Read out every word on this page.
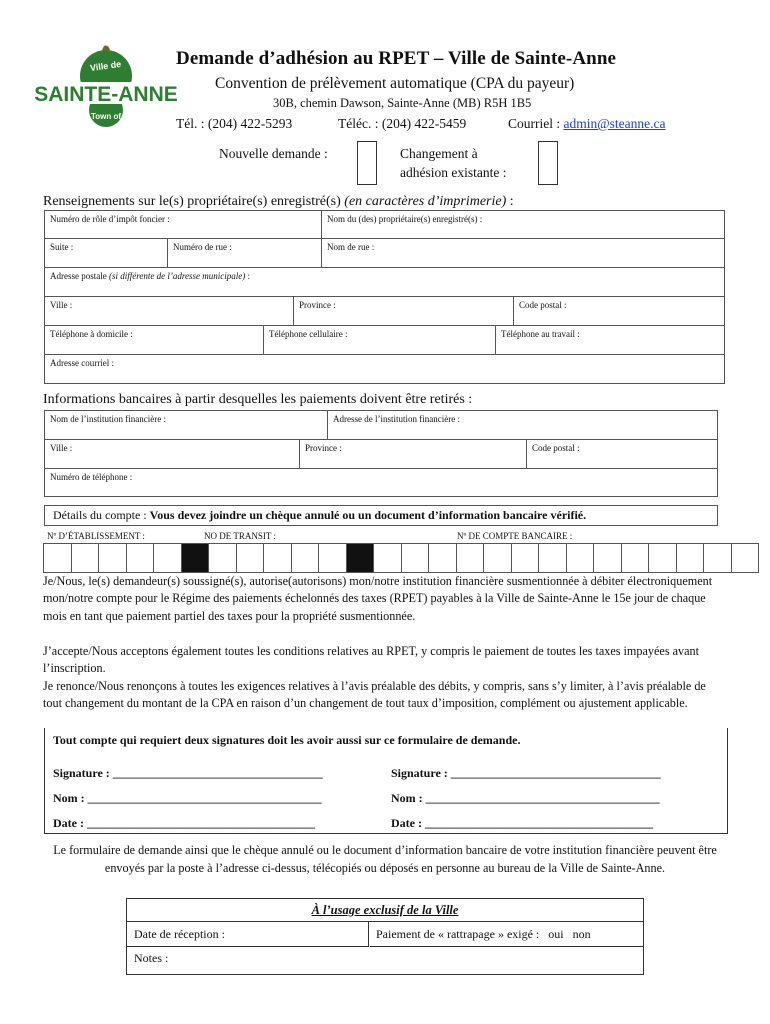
Ville de
SAINTE-ANNE
Town of
Demande d’adhésion au RPET – Ville de Sainte-Anne
Convention de prélèvement automatique (CPA du payeur)
30B, chemin Dawson, Sainte-Anne (MB) R5H 1B5
Tél. : (204) 422-5293	Téléc. : (204) 422-5459	Courriel : admin@steanne.ca
Nouvelle demande :	Changement à
adhésion existante :
Renseignements sur le(s) propriétaire(s) enregistré(s) (en caractères d’imprimerie) :
Numéro de rôle d’impôt foncier :	Nom du (des) propriétaire(s) enregistré(s) :
Suite :	Numéro de rue :	Nom de rue :
Adresse postale (si différente de l’adresse municipale) :
Ville :	Province :	Code postal :
Téléphone à domicile :	Téléphone cellulaire :	Téléphone au travail :
Adresse courriel :
Informations bancaires à partir desquelles les paiements doivent être retirés :
Nom de l’institution financière :	Adresse de l’institution financière :
Ville :	Province :	Code postal :
Numéro de téléphone :
Détails du compte : Vous devez joindre un chèque annulé ou un document d’information bancaire vérifié.
Nº D’ÉTABLISSEMENT :	NO DE TRANSIT :	Nº DE COMPTE BANCAIRE :

Je/Nous, le(s) demandeur(s) soussigné(s), autorise(autorisons) mon/notre institution financière susmentionnée à débiter électroniquement mon/notre compte pour le Régime des paiements échelonnés des taxes (RPET) payables à la Ville de Sainte-Anne le 15e jour de chaque mois en tant que paiement partiel des taxes pour la propriété susmentionnée.
J’accepte/Nous acceptons également toutes les conditions relatives au RPET, y compris le paiement de toutes les taxes impayées avant l’inscription.
Je renonce/Nous renonçons à toutes les exigences relatives à l’avis préalable des débits, y compris, sans s’y limiter, à l’avis préalable de tout changement du montant de la CPA en raison d’un changement de tout taux d’imposition, complément ou ajustement applicable.
Tout compte qui requiert deux signatures doit les avoir aussi sur ce formulaire de demande.
Signature : ___________________________________	Signature : ___________________________________
Nom : _______________________________________	Nom : _______________________________________
Date : ______________________________________	Date : ______________________________________
Le formulaire de demande ainsi que le chèque annulé ou le document d’information bancaire de votre institution financière peuvent être envoyés par la poste à l’adresse ci-dessus, télécopiés ou déposés en personne au bureau de la Ville de Sainte-Anne.
À l’usage exclusif de la Ville
Date de réception :	Paiement de « rattrapage » exigé : oui non
Notes :
